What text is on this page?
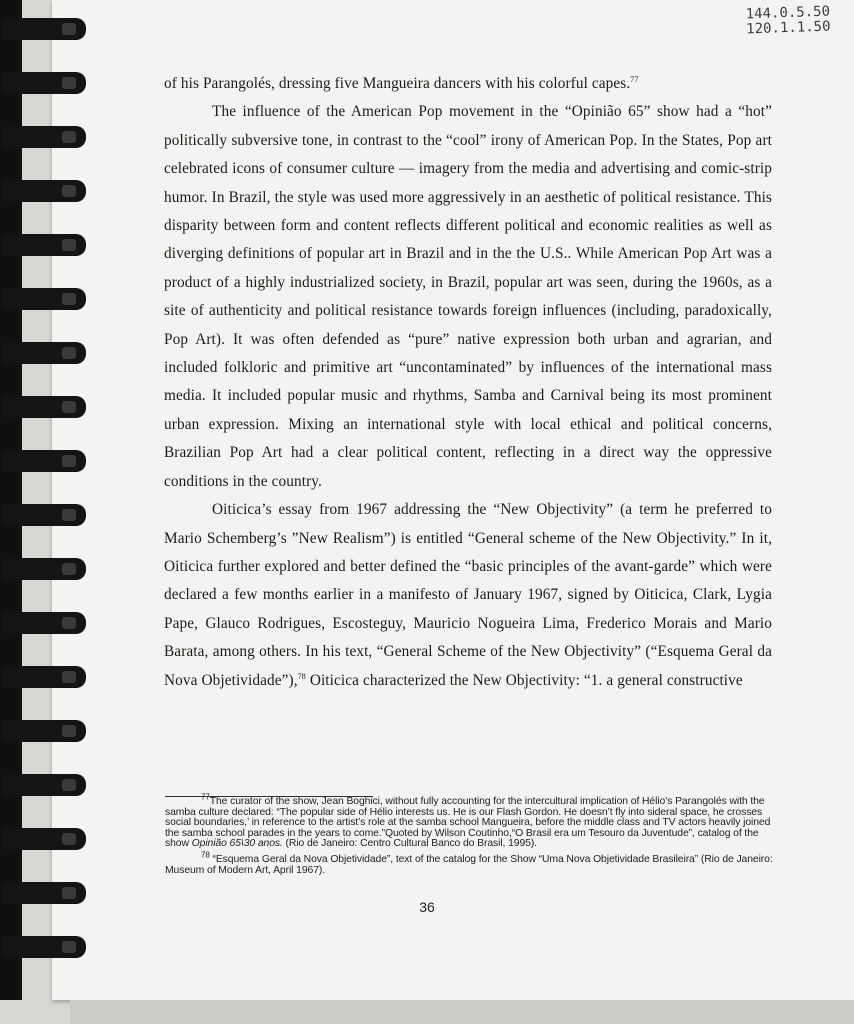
144.0.5.50
120.1.1.50

of his Parangolés, dressing five Mangueira dancers with his colorful capes.$^{77}$

The influence of the American Pop movement in the “Opinião 65” show had a “hot” politically subversive tone, in contrast to the “cool” irony of American Pop. In the States, Pop art celebrated icons of consumer culture — imagery from the media and advertising and comic-strip humor. In Brazil, the style was used more aggressively in an aesthetic of political resistance. This disparity between form and content reflects different political and economic realities as well as diverging definitions of popular art in Brazil and in the the U.S.. While American Pop Art was a product of a highly industrialized society, in Brazil, popular art was seen, during the 1960s, as a site of authenticity and political resistance towards foreign influences (including, paradoxically, Pop Art). It was often defended as “pure” native expression both urban and agrarian, and included folkloric and primitive art “uncontaminated” by influences of the international mass media. It included popular music and rhythms, Samba and Carnival being its most prominent urban expression. Mixing an international style with local ethical and political concerns, Brazilian Pop Art had a clear political content, reflecting in a direct way the oppressive conditions in the country.

Oiticica’s essay from 1967 addressing the “New Objectivity” (a term he preferred to Mario Schemberg’s ”New Realism”) is entitled “General scheme of the New Objectivity.” In it, Oiticica further explored and better defined the “basic principles of the avant-garde” which were declared a few months earlier in a manifesto of January 1967, signed by Oiticica, Clark, Lygia Pape, Glauco Rodrigues, Escosteguy, Mauricio Nogueira Lima, Frederico Morais and Mario Barata, among others. In his text, “General Scheme of the New Objectivity” (“Esquema Geral da Nova Objetividade”),$^{78}$ Oiticica characterized the New Objectivity: “1. a general constructive

$^{77}$The curator of the show, Jean Boghici, without fully accounting for the intercultural implication of Hélio’s Parangolés with the samba culture declared: “The popular side of Hélio interests us. He is our Flash Gordon. He doesn’t fly into sideral space, he crosses social boundaries,’ in reference to the artist’s role at the samba school Mangueira, before the middle class and TV actors heavily joined the samba school parades in the years to come.”Quoted by Wilson Coutinho,“O Brasil era um Tesouro da Juventude”, catalog of the show Opinião 65\30 anos. (Rio de Janeiro: Centro Cultural Banco do Brasil, 1995).

$^{78}$ “Esquema Geral da Nova Objetividade”, text of the catalog for the Show “Uma Nova Objetividade Brasileira” (Rio de Janeiro: Museum of Modern Art, April 1967).

36
